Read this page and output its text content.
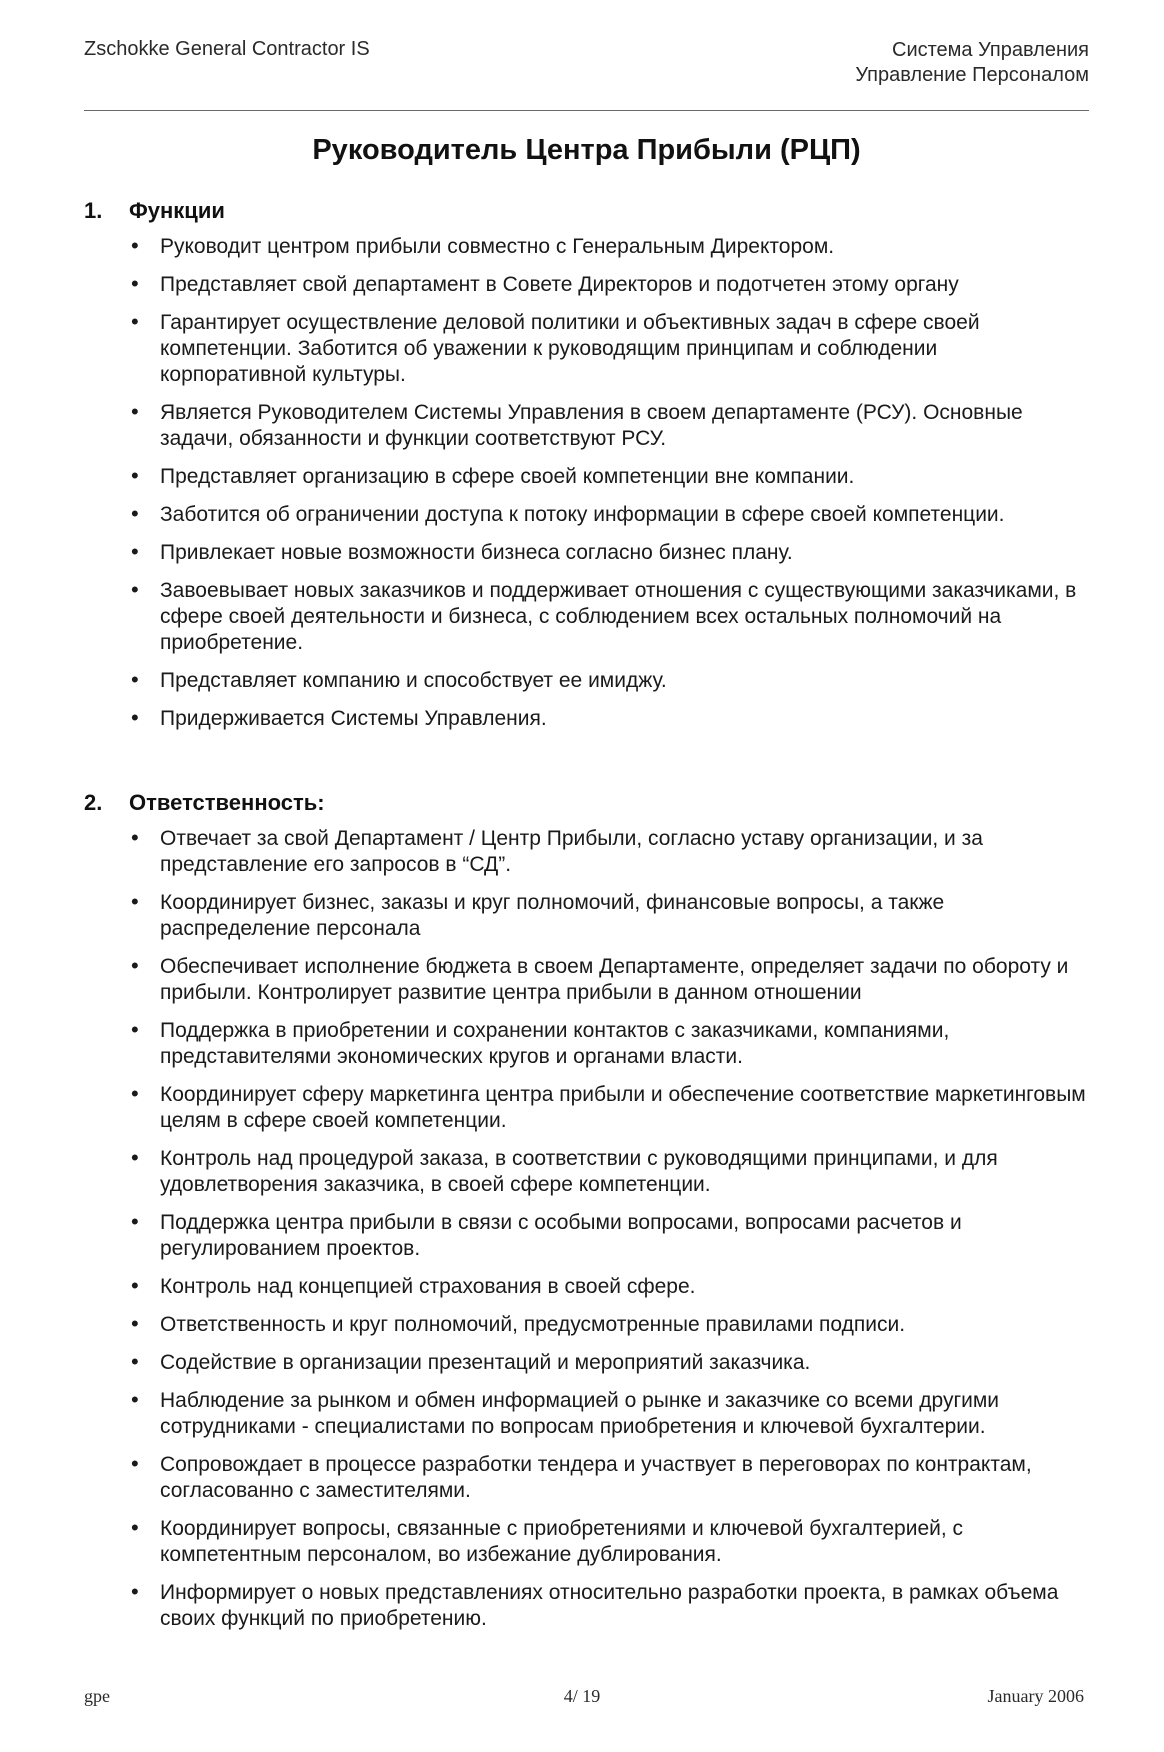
Zschokke General Contractor IS	Система Управления
Управление Персоналом
Руководитель Центра Прибыли (РЦП)
1.	Функции
• Руководит центром прибыли совместно с Генеральным Директором.
• Представляет свой департамент в Совете Директоров и подотчетен этому органу
• Гарантирует осуществление деловой политики и объективных задач в сфере своей компетенции. Заботится об уважении к руководящим принципам и соблюдении корпоративной культуры.
• Является Руководителем Системы Управления в своем департаменте (РСУ). Основные задачи, обязанности и функции соответствуют РСУ.
• Представляет организацию в сфере своей компетенции вне компании.
• Заботится об ограничении доступа к потоку информации в сфере своей компетенции.
• Привлекает новые возможности бизнеса согласно бизнес плану.
• Завоевывает новых заказчиков и поддерживает отношения с существующими заказчиками, в сфере своей деятельности и бизнеса, с соблюдением всех остальных полномочий на приобретение.
• Представляет компанию и способствует ее имиджу.
• Придерживается Системы Управления.
2.	Ответственность:
• Отвечает за свой Департамент / Центр Прибыли, согласно уставу организации, и за представление его запросов в “СД”.
• Координирует бизнес, заказы и круг полномочий, финансовые вопросы, а также распределение персонала
• Обеспечивает исполнение бюджета в своем Департаменте, определяет задачи по обороту и прибыли. Контролирует развитие центра прибыли в данном отношении
• Поддержка в приобретении и сохранении контактов с заказчиками, компаниями, представителями экономических кругов и органами власти.
• Координирует сферу маркетинга центра прибыли и обеспечение соответствие маркетинговым целям в сфере своей компетенции.
• Контроль над процедурой заказа, в соответствии с руководящими принципами, и для удовлетворения заказчика, в своей сфере компетенции.
• Поддержка центра прибыли в связи с особыми вопросами, вопросами расчетов и регулированием проектов.
• Контроль над концепцией страхования в своей сфере.
• Ответственность и круг полномочий, предусмотренные правилами подписи.
• Содействие в организации презентаций и мероприятий заказчика.
• Наблюдение за рынком и обмен информацией о рынке и заказчике со всеми другими сотрудниками - специалистами по вопросам приобретения и ключевой бухгалтерии.
• Сопровождает в процессе разработки тендера и участвует в переговорах по контрактам, согласованно с заместителями.
• Координирует вопросы, связанные с приобретениями и ключевой бухгалтерией, с компетентным персоналом, во избежание дублирования.
• Информирует о новых представлениях относительно разработки проекта, в рамках объема своих функций по приобретению.
gpe	4/ 19	January 2006
